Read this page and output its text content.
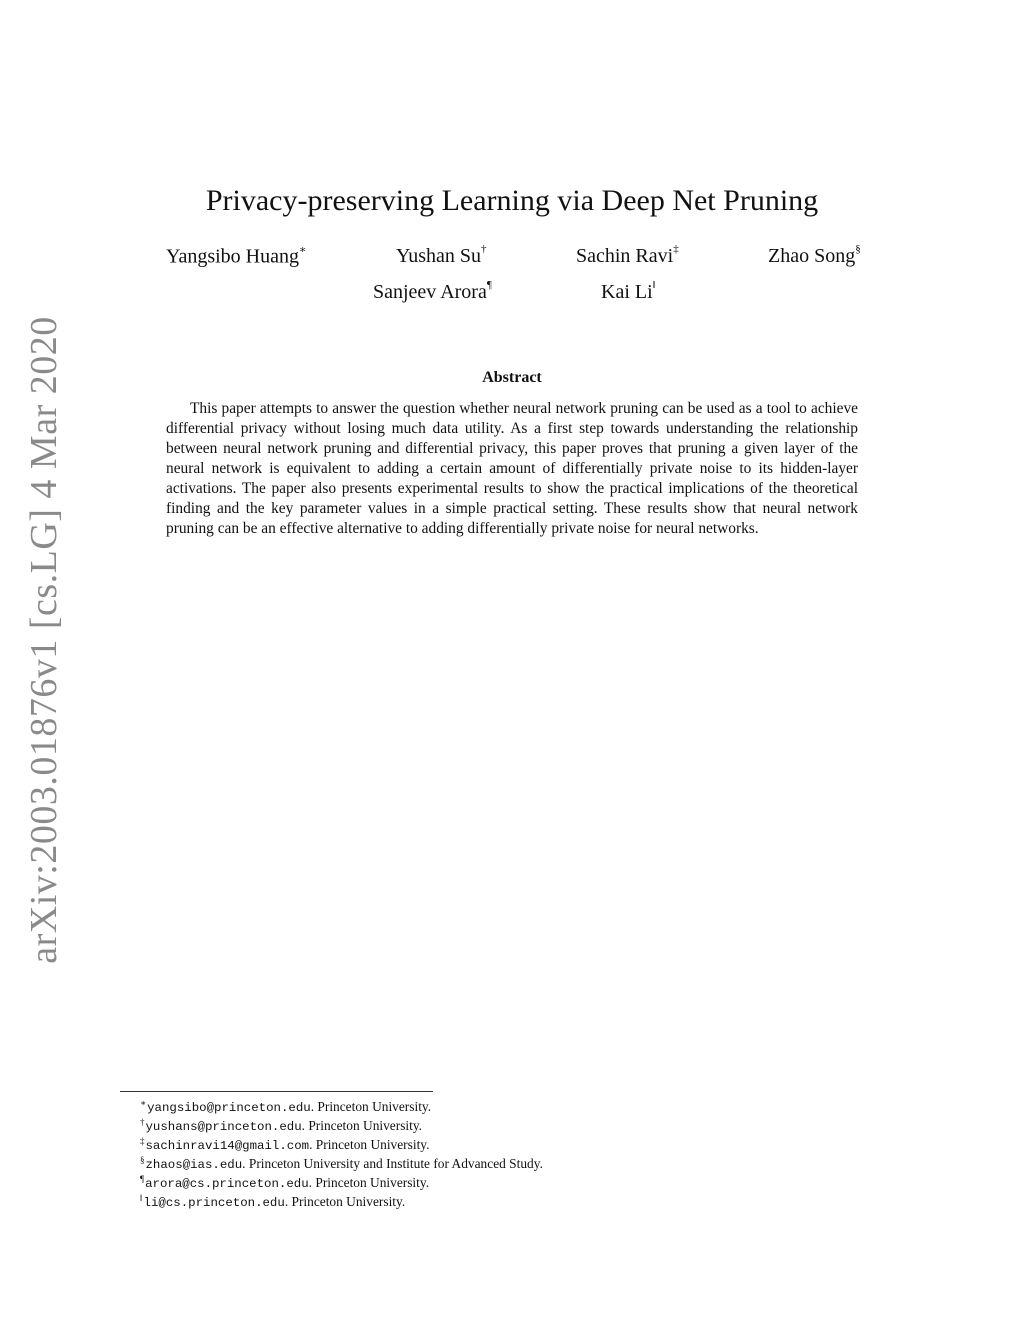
arXiv:2003.01876v1 [cs.LG] 4 Mar 2020
Privacy-preserving Learning via Deep Net Pruning
Yangsibo Huang∗	Yushan Su†	Sachin Ravi‡	Zhao Song§
Sanjeev Arora¶	Kai Li‖
Abstract

This paper attempts to answer the question whether neural network pruning can be used as a tool to achieve differential privacy without losing much data utility. As a first step towards understanding the relationship between neural network pruning and differential privacy, this paper proves that pruning a given layer of the neural network is equivalent to adding a certain amount of differentially private noise to its hidden-layer activations. The paper also presents experimental results to show the practical implications of the theoretical finding and the key parameter values in a simple practical setting. These results show that neural network pruning can be an effective alternative to adding differentially private noise for neural networks.

∗yangsibo@princeton.edu. Princeton University.
†yushans@princeton.edu. Princeton University.
‡sachinravi14@gmail.com. Princeton University.
§zhaos@ias.edu. Princeton University and Institute for Advanced Study.
¶arora@cs.princeton.edu. Princeton University.
‖li@cs.princeton.edu. Princeton University.
